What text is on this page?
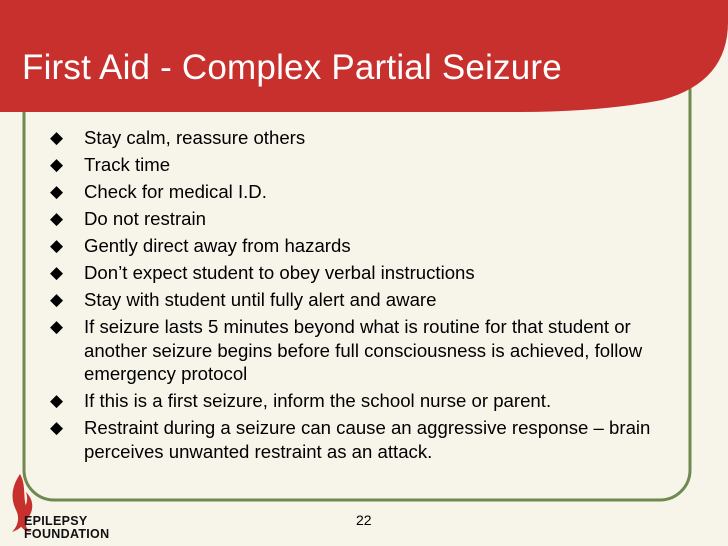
First Aid - Complex Partial Seizure
◆ Stay calm, reassure others
◆ Track time
◆ Check for medical I.D.
◆ Do not restrain
◆ Gently direct away from hazards
◆ Don’t expect student to obey verbal instructions
◆ Stay with student until fully alert and aware
◆ If seizure lasts 5 minutes beyond what is routine for that student or another seizure begins before full consciousness is achieved, follow emergency protocol
◆ If this is a first seizure, inform the school nurse or parent.
◆ Restraint during a seizure can cause an aggressive response – brain perceives unwanted restraint as an attack.
22
EPILEPSY
FOUNDATION
